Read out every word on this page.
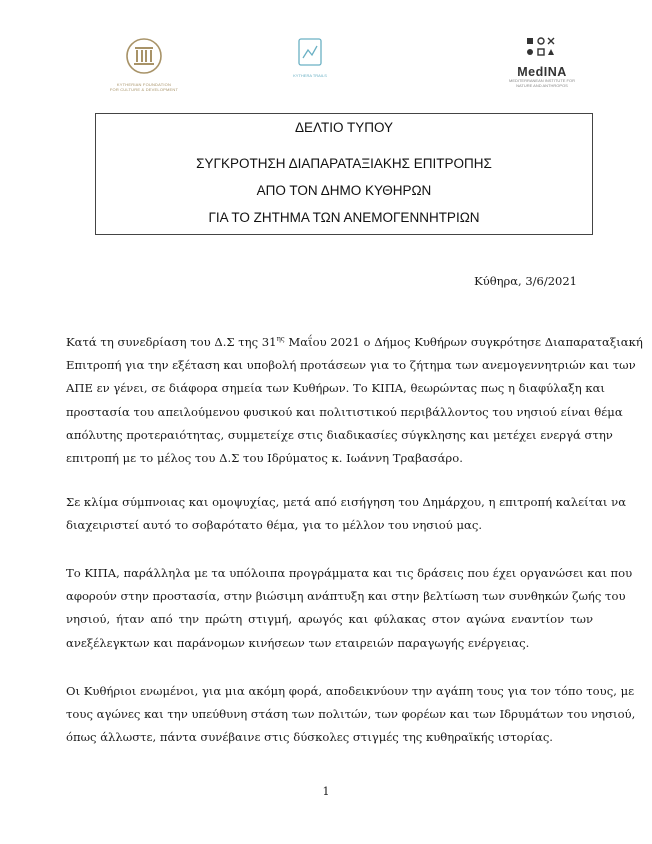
KYTHERIAN FOUNDATION
FOR CULTURE & DEVELOPMENT
KYTHERA TRAILS	MedINA
MEDITERRANEAN INSTITUTE FOR NATURE AND ANTHROPOS
ΔΕΛΤΙΟ ΤΥΠΟΥ
ΣΥΓΚΡΟΤΗΣΗ ΔΙΑΠΑΡΑΤΑΞΙΑΚΗΣ ΕΠΙΤΡΟΠΗΣ
ΑΠΟ ΤΟΝ ΔΗΜΟ ΚΥΘΗΡΩΝ
ΓΙΑ ΤΟ ΖΗΤΗΜΑ ΤΩΝ ΑΝΕΜΟΓΕΝΝΗΤΡΙΩΝ
Κύθηρα, 3/6/2021
Κατά τη συνεδρίαση του Δ.Σ της $31^{\eta\varsigma}$ Μαΐου 2021 ο Δήμος Κυθήρων συγκρότησε Διαπαραταξιακή
Επιτροπή για την εξέταση και υποβολή προτάσεων για το ζήτημα των ανεμογεννητριών και των
ΑΠΕ εν γένει, σε διάφορα σημεία των Κυθήρων. Το ΚΙΠΑ, θεωρώντας πως η διαφύλαξη και
προστασία του απειλούμενου φυσικού και πολιτιστικού περιβάλλοντος του νησιού είναι θέμα
απόλυτης προτεραιότητας, συμμετείχε στις διαδικασίες σύγκλησης και μετέχει ενεργά στην
επιτροπή με το μέλος του Δ.Σ του Ιδρύματος κ. Ιωάννη Τραβασάρο.
Σε κλίμα σύμπνοιας και ομοψυχίας, μετά από εισήγηση του Δημάρχου, η επιτροπή καλείται να
διαχειριστεί αυτό το σοβαρότατο θέμα, για το μέλλον του νησιού μας.
Το ΚΙΠΑ, παράλληλα με τα υπόλοιπα προγράμματα και τις δράσεις που έχει οργανώσει και που
αφορούν στην προστασία, στην βιώσιμη ανάπτυξη και στην βελτίωση των συνθηκών ζωής του
νησιού, ήταν από την πρώτη στιγμή, αρωγός και φύλακας στον αγώνα εναντίον των
ανεξέλεγκτων και παράνομων κινήσεων των εταιρειών παραγωγής ενέργειας.
Οι Κυθήριοι ενωμένοι, για μια ακόμη φορά, αποδεικνύουν την αγάπη τους για τον τόπο τους, με
τους αγώνες και την υπεύθυνη στάση των πολιτών, των φορέων και των Ιδρυμάτων του νησιού,
όπως άλλωστε, πάντα συνέβαινε στις δύσκολες στιγμές της κυθηραϊκής ιστορίας.
1
